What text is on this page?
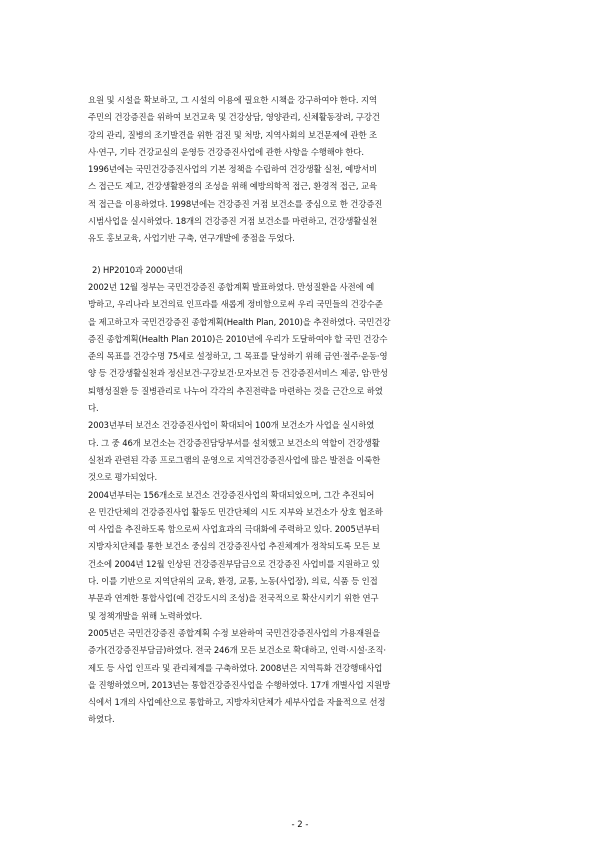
요원 및 시설을 확보하고, 그 시설의 이용에 필요한 시책을 강구하여야 한다. 지역
주민의 건강증진을 위하여 보건교육 및 건강상담, 영양관리, 신체활동장려, 구강건
강의 관리, 질병의 조기발견을 위한 검진 및 처방, 지역사회의 보건문제에 관한 조
사·연구, 기타 건강교실의 운영등 건강증진사업에 관한 사항을 수행해야 한다.
1996년에는 국민건강증진사업의 기본 정책을 수립하여 건강생활 실천, 예방서비
스 접근도 제고, 건강생활환경의 조성을 위해 예방의학적 접근, 환경적 접근, 교육
적 접근을 이용하였다. 1998년에는 건강증진 거점 보건소를 중심으로 한 건강증진
시범사업을 실시하였다. 18개의 건강증진 거점 보건소를 마련하고, 건강생활실천
유도 홍보교육, 사업기반 구축, 연구개발에 중점을 두었다.
2) HP2010과 2000년대
2002년 12월 정부는 국민건강증진 종합계획 발표하였다. 만성질환을 사전에 예
방하고, 우리나라 보건의료 인프라를 새롭게 정비함으로써 우리 국민들의 건강수준
을 제고하고자 국민건강증진 종합계획(Health Plan, 2010)을 추진하였다. 국민건강
증진 종합계획(Health Plan 2010)은 2010년에 우리가 도달하여야 할 국민 건강수
준의 목표를 건강수명 75세로 설정하고, 그 목표를 달성하기 위해 금연·절주·운동·영
양 등 건강생활실천과 정신보건·구강보건·모자보건 등 건강증진서비스 제공, 암·만성
퇴행성질환 등 질병관리로 나누어 각각의 추진전략을 마련하는 것을 근간으로 하였
다.
2003년부터 보건소 건강증진사업이 확대되어 100개 보건소가 사업을 실시하였
다. 그 중 46개 보건소는 건강증진담당부서를 설치했고 보건소의 역할이 건강생활
실천과 관련된 각종 프로그램의 운영으로 지역건강증진사업에 많은 발전을 이룩한
것으로 평가되었다.
2004년부터는 156개소로 보건소 건강증진사업의 확대되었으며, 그간 추진되어
온 민간단체의 건강증진사업 활동도 민간단체의 시도 지부와 보건소가 상호 협조하
여 사업을 추진하도록 함으로써 사업효과의 극대화에 주력하고 있다. 2005년부터
지방자치단체를 통한 보건소 중심의 건강증진사업 추진체계가 정착되도록 모든 보
건소에 2004년 12월 인상된 건강증진부담금으로 건강증진 사업비를 지원하고 있
다. 이를 기반으로 지역단위의 교육, 환경, 교통, 노동(사업장), 의료, 식품 등 인접
부문과 연계한 통합사업(예 건강도시의 조성)을 전국적으로 확산시키기 위한 연구
및 정책개발을 위해 노력하였다.
2005년은 국민건강증진 종합계획 수정 보완하여 국민건강증진사업의 가용재원을
증가(건강증진부담금)하였다. 전국 246개 모든 보건소로 확대하고, 인력·시설·조직·
제도 등 사업 인프라 및 관리체계를 구축하였다. 2008년은 지역특화 건강행태사업
을 진행하였으며, 2013년는 통합건강증진사업을 수행하였다. 17개 개별사업 지원방
식에서 1개의 사업예산으로 통합하고, 지방자치단체가 세부사업을 자율적으로 선정
하였다.
- 2 -
